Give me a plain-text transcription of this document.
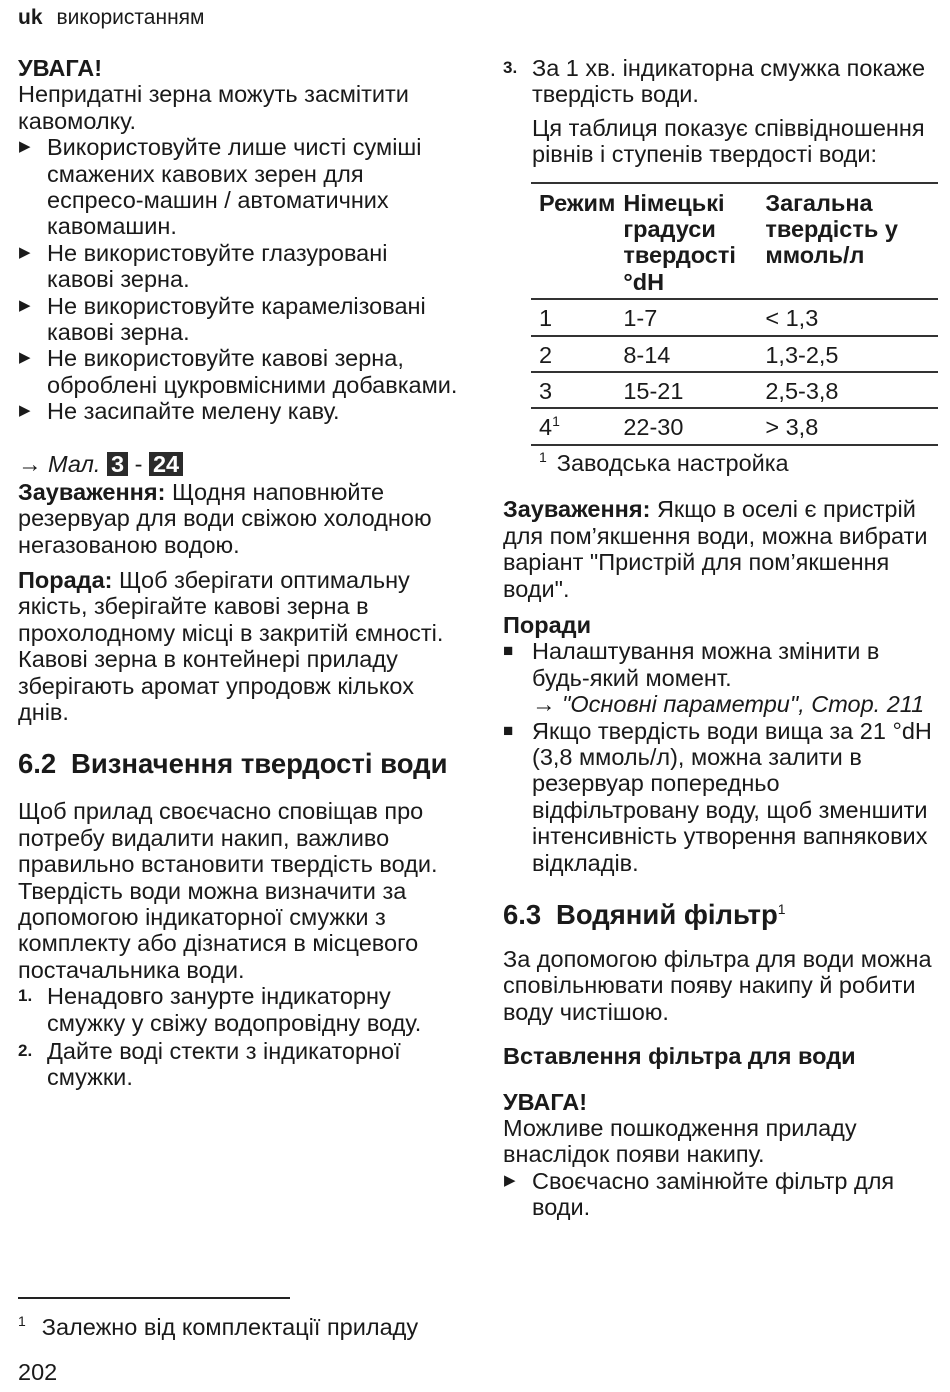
uk використанням

УВАГА!

Непридатні зерна можуть засмітити кавомолку.

▶ Використовуйте лише чисті суміші смажених кавових зерен для еспресо-машин / автоматичних кавомашин.

▶ Не використовуйте глазуровані кавові зерна.

▶ Не використовуйте карамелізовані кавові зерна.

▶ Не використовуйте кавові зерна, оброблені цукровмісними добавками.

▶ Не засипайте мелену каву.

→ Мал. 3 - 24

Зауваження: Щодня наповнюйте резервуар для води свіжою холодною негазованою водою.

Порада: Щоб зберігати оптимальну якість, зберігайте кавові зерна в прохолодному місці в закритій ємності.

Кавові зерна в контейнері приладу зберігають аромат упродовж кількох днів.

6.2 Визначення твердості води

Щоб прилад своєчасно сповіщав про потребу видалити накип, важливо правильно встановити твердість води. Твердість води можна визначити за допомогою індикаторної смужки з комплекту або дізнатися в місцевого постачальника води.

1. Ненадовго занурте індикаторну смужку у свіжу водопровідну воду.

2. Дайте воді стекти з індикаторної смужки.

3. За 1 хв. індикаторна смужка покаже твердість води.

Ця таблиця показує співвідношення рівнів і ступенів твердості води:

Режим	Німецькі градуси твердості °dH	Загальна твердість у ммоль/л
1	1-7	< 1,3
2	8-14	1,3-2,5
3	15-21	2,5-3,8
$4^1$	22-30	> 3,8

$^1$ Заводська настройка

Зауваження: Якщо в оселі є пристрій для пом’якшення води, можна вибрати варіант "Пристрій для пом’якшення води".

Поради

■ Налаштування можна змінити в будь-який момент.

→ "Основні параметри", Стор. 211

■ Якщо твердість води вища за 21 °dH (3,8 ммоль/л), можна залити в резервуар попередньо відфільтровану воду, щоб зменшити інтенсивність утворення вапнякових відкладів.

6.3 Водяний фільтр$^1$

За допомогою фільтра для води можна сповільнювати появу накипу й робити воду чистішою.

Вставлення фільтра для води

УВАГА!

Можливе пошкодження приладу внаслідок появи накипу.

▶ Своєчасно замінюйте фільтр для води.

$^1$ Залежно від комплектації приладу

202
